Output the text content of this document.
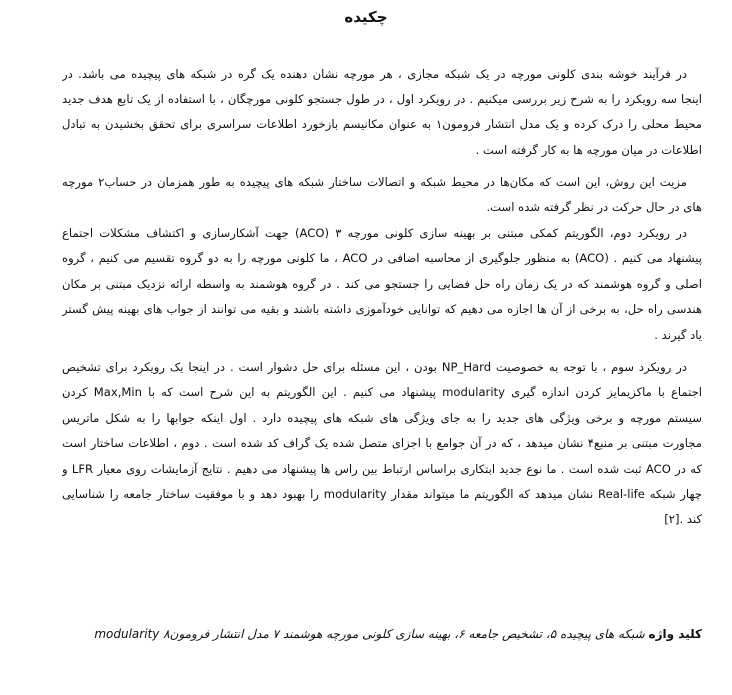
چکیده
در فرآیند خوشه بندی کلونی مورچه در یک شبکه مجازی ، هر مورچه نشان دهنده یک گره در شبکه های پیچیده می باشد. در
اینجا سه رویکرد را به شرح زیر بررسی میکنیم . در رویکرد اول ، در طول جستجو کلونی مورچگان ، با استفاده از یک تابع هدف جدید
محیط محلی را درک کرده و یک مدل انتشار فرومون۱ به عنوان مکانیسم بازخورد اطلاعات سراسری برای تحقق بخشیدن به تبادل
اطلاعات در میان مورچه ها به کار گرفته است .
مزیت این روش، این است که مکان‌ها در محیط شبکه و اتصالات ساختار شبکه های پیچیده به طور همزمان در حساب۲ مورچه
های در حال حرکت در نظر گرفته شده است.
در رویکرد دوم، الگوریتم کمکی مبتنی بر بهینه سازی کلونی مورچه ۳ (ACO) جهت آشکارسازی و اکتشاف مشکلات اجتماع
پیشنهاد می کنیم . (ACO) به منظور جلوگیری از محاسبه اضافی در ACO ، ما کلونی مورچه را به دو گروه تقسیم می کنیم ، گروه
اصلی و گروه هوشمند که در یک زمان راه حل فضایی را جستجو می کند . در گروه هوشمند به واسطه ارائه نزدیک مبتنی بر مکان
هندسی راه حل، به برخی از آن ها اجازه می دهیم که توانایی خودآموزی داشته باشند و بقیه می توانند از جواب های بهینه پیش گستر
یاد گیرند .
در رویکرد سوم ، با توجه به خصوصیت NP_Hard بودن ، این مسئله برای حل دشوار است . در اینجا یک رویکرد برای تشخیص
اجتماع با ماکزیمایز کردن اندازه گیری modularity پیشنهاد می کنیم . این الگوریتم به این شرح است که با Max,Min کردن
سیستم مورچه و برخی ویژگی های جدید را به جای ویژگی های شبکه های پیچیده دارد . اول اینکه جوابها را به شکل ماتریس
مجاورت مبتنی بر منبع۴ نشان میدهد ، که در آن جوامع با اجزای متصل شده یک گراف کد شده است . دوم ، اطلاعات ساختار است
که در ACO ثبت شده است . ما نوع جدید ابتکاری براساس ارتباط بین راس ها پیشنهاد می دهیم . نتایج آزمایشات روی معیار LFR و
چهار شبکه Real-life نشان میدهد که الگوریتم ما میتواند مقدار modularity را بهبود دهد و با موفقیت ساختار جامعه را شناسایی
کند .[۲]
کلید واژه شبکه های پیچیده ۵، تشخیص جامعه ۶، بهینه سازی کلونی مورچه هوشمند ۷ مدل انتشار فرومون۸ modularity
